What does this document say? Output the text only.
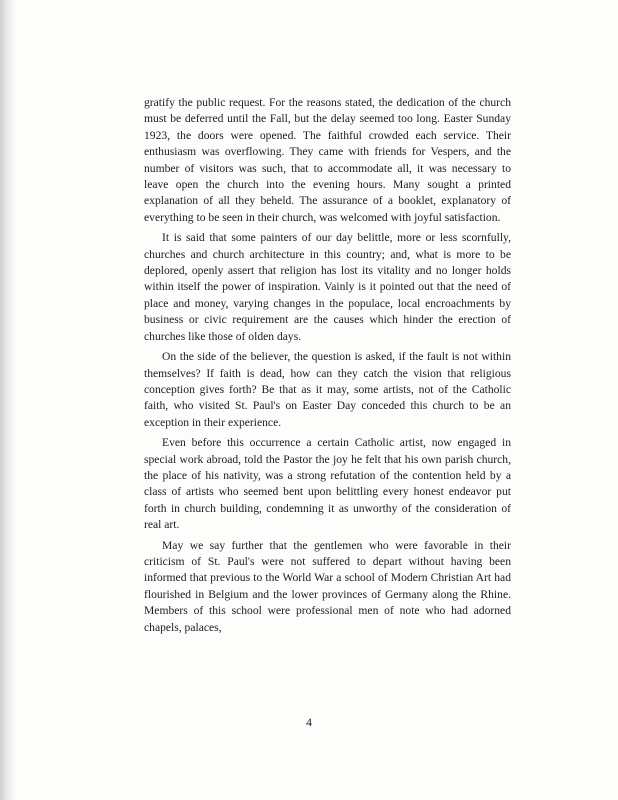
gratify the public request. For the reasons stated, the dedication of the church must be deferred until the Fall, but the delay seemed too long. Easter Sunday 1923, the doors were opened. The faithful crowded each service. Their enthusiasm was overflowing. They came with friends for Vespers, and the number of visitors was such, that to accommodate all, it was necessary to leave open the church into the evening hours. Many sought a printed explanation of all they beheld. The assurance of a booklet, explanatory of everything to be seen in their church, was welcomed with joyful satisfaction.

It is said that some painters of our day belittle, more or less scornfully, churches and church architecture in this country; and, what is more to be deplored, openly assert that religion has lost its vitality and no longer holds within itself the power of inspiration. Vainly is it pointed out that the need of place and money, varying changes in the populace, local encroachments by business or civic requirement are the causes which hinder the erection of churches like those of olden days.

On the side of the believer, the question is asked, if the fault is not within themselves? If faith is dead, how can they catch the vision that religious conception gives forth? Be that as it may, some artists, not of the Catholic faith, who visited St. Paul's on Easter Day conceded this church to be an exception in their experience.

Even before this occurrence a certain Catholic artist, now engaged in special work abroad, told the Pastor the joy he felt that his own parish church, the place of his nativity, was a strong refutation of the contention held by a class of artists who seemed bent upon belittling every honest endeavor put forth in church building, condemning it as unworthy of the consideration of real art.

May we say further that the gentlemen who were favorable in their criticism of St. Paul's were not suffered to depart without having been informed that previous to the World War a school of Modern Christian Art had flourished in Belgium and the lower provinces of Germany along the Rhine. Members of this school were professional men of note who had adorned chapels, palaces,

4
